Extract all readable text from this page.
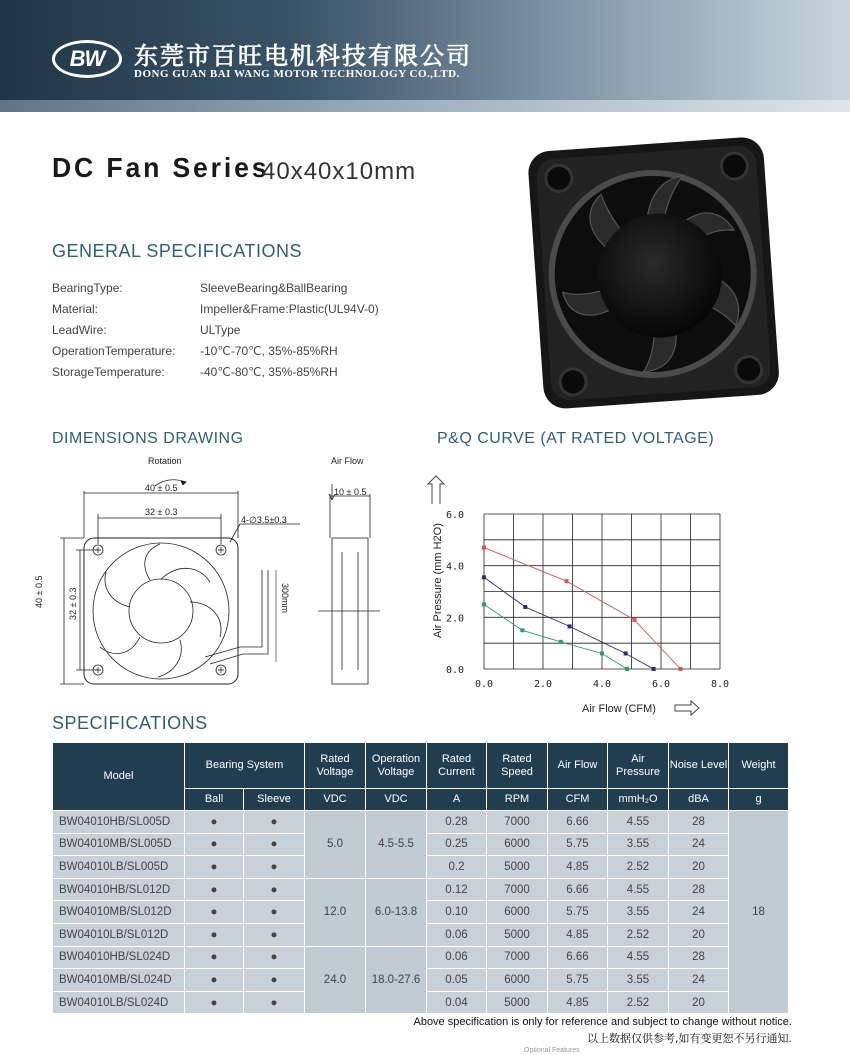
BW	东莞市百旺电机科技有限公司
DONG GUAN BAI WANG MOTOR TECHNOLOGY CO.,LTD.
DC Fan Series
40x40x10mm
GENERAL SPECIFICATIONS
BearingType:	SleeveBearing&BallBearing
Material:	Impeller&Frame:Plastic(UL94V-0)
LeadWire:	ULType
OperationTemperature: -10℃-70℃, 35%-85%RH
StorageTemperature:	-40℃-80℃, 35%-85%RH
DIMENSIONS DRAWING
Rotation	Air Flow
40 ± 0.5
32 ± 0.3
4-∅3.5±0.3
10 ± 0.5
40 ± 0.5	32 ± 0.3	300mm
P&Q CURVE (AT RATED VOLTAGE)
0.0	2.0	4.0	6.0	8.0
0.0
2.0
4.0
6.0
Air Pressure (mm H2O)
Air Flow (CFM)
SPECIFICATIONS
Model	Bearing System		Rated Voltage	Operation Voltage	Rated Current	Rated Speed	Air Flow	Air Pressure	Noise Level	Weight
	Ball	Sleeve	VDC	VDC	A	RPM	CFM	mmH₂O	dBA	g
BW04010HB/SL005D	●	●	5.0	4.5-5.5	0.28	7000	6.66	4.55	28	18
BW04010MB/SL005D	●	●			0.25	6000	5.75	3.55	24	
BW04010LB/SL005D	●	●			0.2	5000	4.85	2.52	20	
BW04010HB/SL012D	●	●	12.0	6.0-13.8	0.12	7000	6.66	4.55	28	
BW04010MB/SL012D	●	●			0.10	6000	5.75	3.55	24	
BW04010LB/SL012D	●	●			0.06	5000	4.85	2.52	20	
BW04010HB/SL024D	●	●	24.0	18.0-27.6	0.06	7000	6.66	4.55	28	
BW04010MB/SL024D	●	●			0.05	6000	5.75	3.55	24	
BW04010LB/SL024D	●	●			0.04	5000	4.85	2.52	20	
Above specification is only for reference and subject to change without notice.
以上数据仅供参考,如有变更恕不另行通知.
Optional Features
